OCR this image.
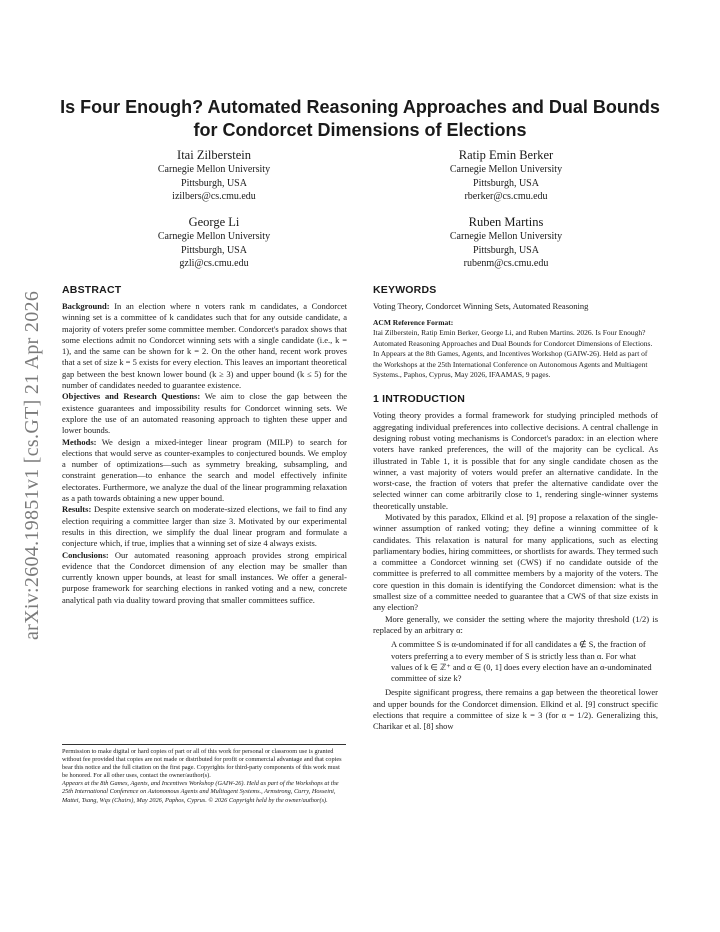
Is Four Enough? Automated Reasoning Approaches and Dual Bounds for Condorcet Dimensions of Elections
Itai Zilberstein
Carnegie Mellon University
Pittsburgh, USA
izilbers@cs.cmu.edu
Ratip Emin Berker
Carnegie Mellon University
Pittsburgh, USA
rberker@cs.cmu.edu
George Li
Carnegie Mellon University
Pittsburgh, USA
gzli@cs.cmu.edu
Ruben Martins
Carnegie Mellon University
Pittsburgh, USA
rubenm@cs.cmu.edu
arXiv:2604.19851v1 [cs.GT] 21 Apr 2026
ABSTRACT

Background: In an election where n voters rank m candidates, a Condorcet winning set is a committee of k candidates such that for any outside candidate, a majority of voters prefer some committee member. Condorcet's paradox shows that some elections admit no Condorcet winning sets with a single candidate (i.e., k = 1), and the same can be shown for k = 2. On the other hand, recent work proves that a set of size k = 5 exists for every election. This leaves an important theoretical gap between the best known lower bound (k ≥ 3) and upper bound (k ≤ 5) for the number of candidates needed to guarantee existence.

Objectives and Research Questions: We aim to close the gap between the existence guarantees and impossibility results for Condorcet winning sets. We explore the use of an automated reasoning approach to tighten these upper and lower bounds.

Methods: We design a mixed-integer linear program (MILP) to search for elections that would serve as counter-examples to conjectured bounds. We employ a number of optimizations—such as symmetry breaking, subsampling, and constraint generation—to enhance the search and model effectively infinite electorates. Furthermore, we analyze the dual of the linear programming relaxation as a path towards obtaining a new upper bound.

Results: Despite extensive search on moderate-sized elections, we fail to find any election requiring a committee larger than size 3. Motivated by our experimental results in this direction, we simplify the dual linear program and formulate a conjecture which, if true, implies that a winning set of size 4 always exists.

Conclusions: Our automated reasoning approach provides strong empirical evidence that the Condorcet dimension of any election may be smaller than currently known upper bounds, at least for small instances. We offer a general-purpose framework for searching elections in ranked voting and a new, concrete analytical path via duality toward proving that smaller committees suffice.

Permission to make digital or hard copies of part or all of this work for personal or classroom use is granted without fee provided that copies are not made or distributed for profit or commercial advantage and that copies bear this notice and the full citation on the first page. Copyrights for third-party components of this work must be honored. For all other uses, contact the owner/author(s).

Appears at the 8th Games, Agents, and Incentives Workshop (GAIW-26). Held as part of the Workshops at the 25th International Conference on Autonomous Agents and Multiagent Systems., Armstrong, Curry, Hosseini, Mattei, Tsang, Wąs (Chairs), May 2026, Paphos, Cyprus. © 2026 Copyright held by the owner/author(s).

KEYWORDS

Voting Theory, Condorcet Winning Sets, Automated Reasoning

ACM Reference Format:

Itai Zilberstein, Ratip Emin Berker, George Li, and Ruben Martins. 2026. Is Four Enough? Automated Reasoning Approaches and Dual Bounds for Condorcet Dimensions of Elections. In Appears at the 8th Games, Agents, and Incentives Workshop (GAIW-26). Held as part of the Workshops at the 25th International Conference on Autonomous Agents and Multiagent Systems., Paphos, Cyprus, May 2026, IFAAMAS, 9 pages.

1 INTRODUCTION

Voting theory provides a formal framework for studying principled methods of aggregating individual preferences into collective decisions. A central challenge in designing robust voting mechanisms is Condorcet's paradox: in an election where voters have ranked preferences, the will of the majority can be cyclical. As illustrated in Table 1, it is possible that for any single candidate chosen as the winner, a vast majority of voters would prefer an alternative candidate. In the worst-case, the fraction of voters that prefer the alternative candidate over the selected winner can come arbitrarily close to 1, rendering single-winner systems theoretically unstable.

Motivated by this paradox, Elkind et al. [9] propose a relaxation of the single-winner assumption of ranked voting; they define a winning committee of k candidates. This relaxation is natural for many applications, such as electing parliamentary bodies, hiring committees, or shortlists for awards. They termed such a committee a Condorcet winning set (CWS) if no candidate outside of the committee is preferred to all committee members by a majority of the voters. The core question in this domain is identifying the Condorcet dimension: what is the smallest size of a committee needed to guarantee that a CWS of that size exists in any election?

More generally, we consider the setting where the majority threshold (1/2) is replaced by an arbitrary α:

A committee S is α-undominated if for all candidates a ∉ S, the fraction of voters preferring a to every member of S is strictly less than α. For what values of k ∈ ℤ⁺ and α ∈ (0, 1] does every election have an α-undominated committee of size k?

Despite significant progress, there remains a gap between the theoretical lower and upper bounds for the Condorcet dimension. Elkind et al. [9] construct specific elections that require a committee of size k = 3 (for α = 1/2). Generalizing this, Charikar et al. [8] show
